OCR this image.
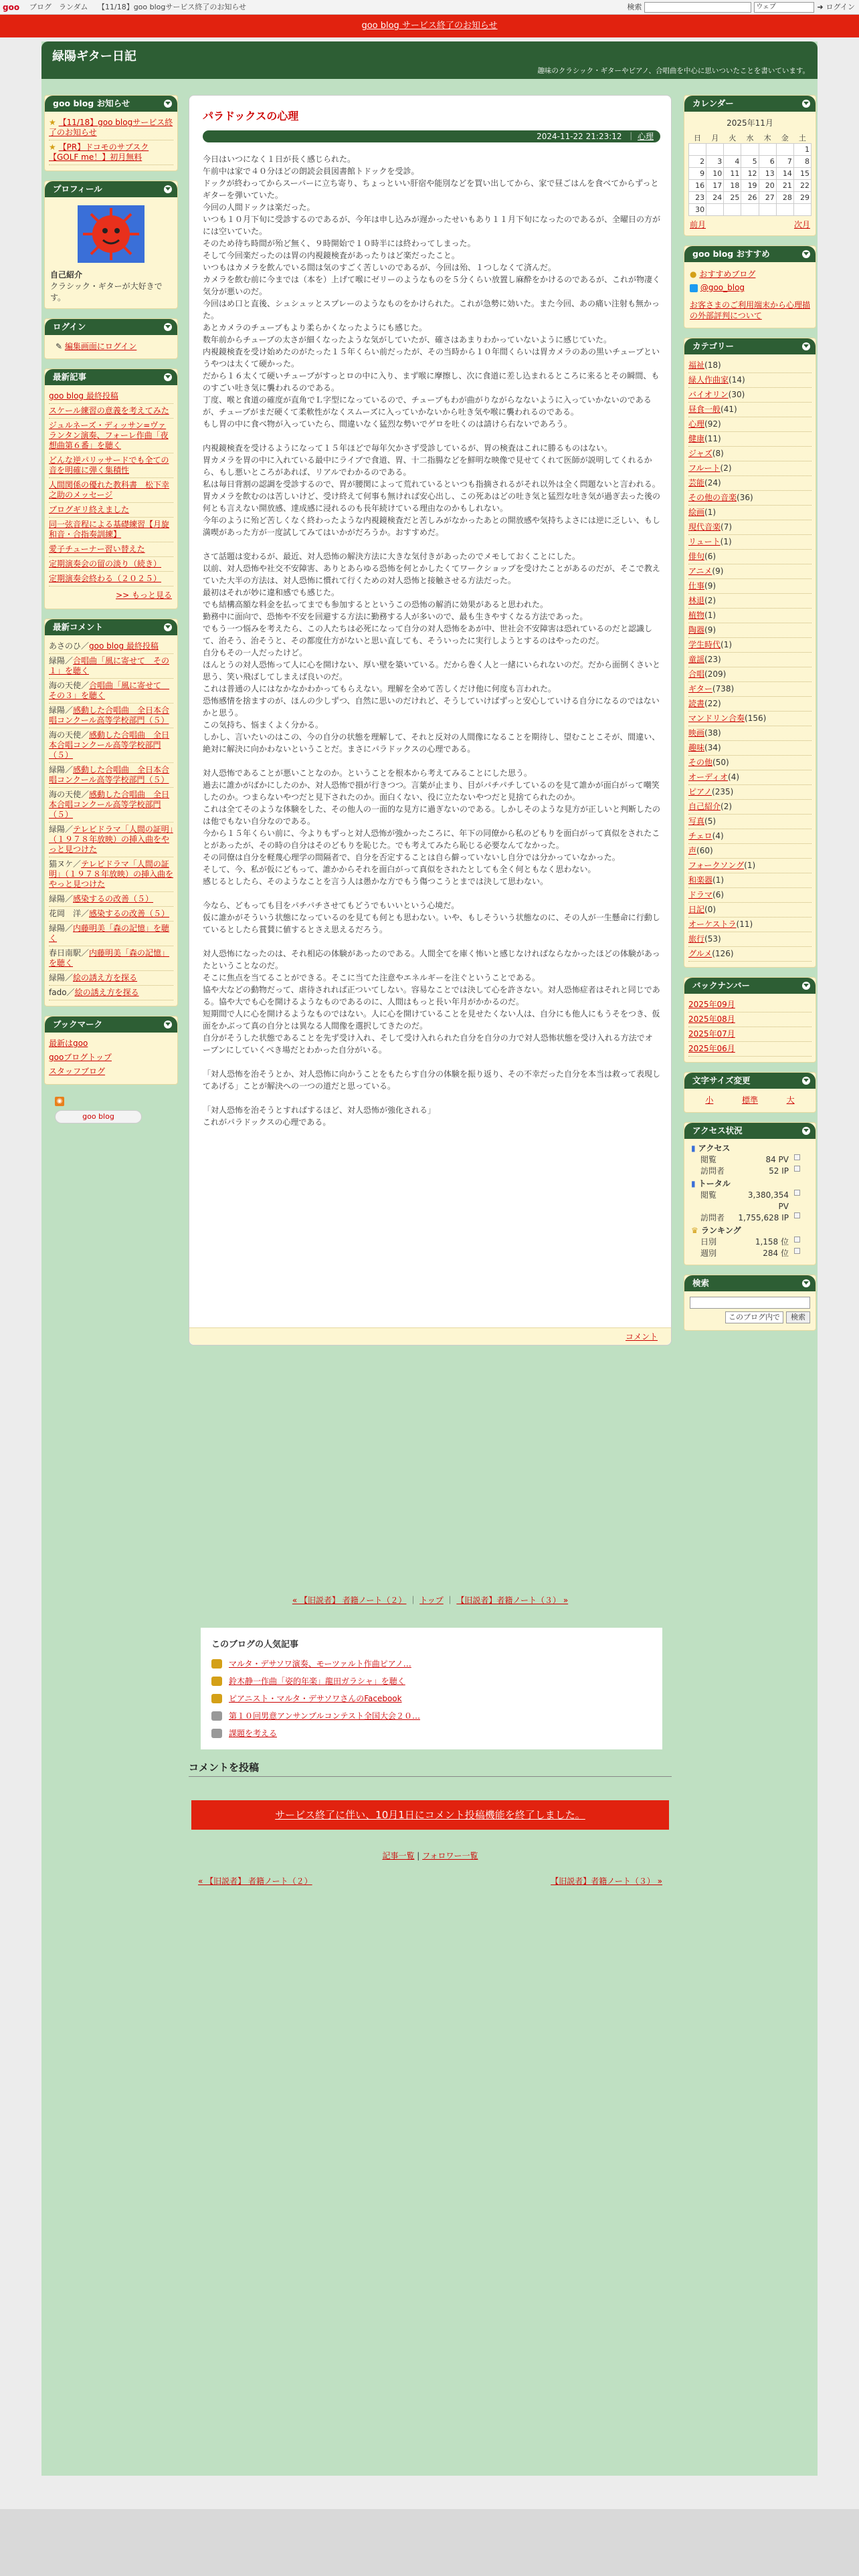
goo ブログ ランダム 【11/18】goo blogサービス終了のお知らせ	検索	ウェブ	➜ ログイン
goo blog サービス終了のお知らせ
緑陽ギター日記
趣味のクラシック・ギターやピアノ、合唱曲を中心に思いついたことを書いています。
goo blog お知らせ
★ 【11/18】goo blogサービス終了のお知らせ
★ 【PR】ドコモのサブスク【GOLF me！】初月無料
プロフィール
自己紹介
クラシック・ギターが大好きです。
ログイン
✎ 編集画面にログイン
最新記事
goo blog 最終投稿
スケール練習の意義を考えてみた
ジュルネーズ・ディッサン=ヴァランタン演奏、フォーレ作曲「夜想曲第６番」を聴く
どんな逆パリッサードでも全ての音を明確に弾く集積性
人間関係の優れた教科書　松下幸之助のメッセージ
ブログギリ終えました
同一弦音程による基礎練習【月旋和音・合指奏訓練】
愛子チューナー習い替えた
定期演奏会の留の淡り（続き）
定期演奏会終わる（２０２５）
>> もっと見る
最新コメント
あさのひ／goo blog 最終投稿
緑陽／合唱曲「風に寄せて　その１」を聴く
海の天使／合唱曲「風に寄せて　その３」を聴く
緑陽／感動した合唱曲　全日本合唱コンクール高等学校部門（５）
海の天使／感動した合唱曲　全日本合唱コンクール高等学校部門（５）
緑陽／感動した合唱曲　全日本合唱コンクール高等学校部門（５）
海の天使／感動した合唱曲　全日本合唱コンクール高等学校部門（５）
緑陽／テレビドラマ「人間の証明」（１９７８年放映）の挿入曲をやっと見つけた
猫ヌケ／テレビドラマ「人間の証明」（１９７８年放映）の挿入曲をやっと見つけた
緑陽／感染するの改善（５）
花岡　洋／感染するの改善（５）
緑陽／内藤明美「森の記憶」を聴く
春日南駅／内藤明美「森の記憶」を聴く
緑陽／絵の誘え方を探る
fado／絵の誘え方を探る
ブックマーク
最新はgoo
gooブログトップ
スタッフブログ
◉
goo blog
パラドックスの心理
2024-11-22 21:23:12  ｜ 心理

今日はいつになく１日が長く感じられた。
午前中は家で４０分ほどの朗読会員図書館トドックを受診。
ドックが終わってからスーパーに立ち寄り、ちょっといい肝宿や能別などを買い出してから、家で昼ごはんを食べてからずっとギターを弾いていた。
今回の人間ドックは楽だった。
いつも１０月下旬に受診するのであるが、今年は申し込みが遅かったせいもあり１１月下旬になったのであるが、全曜日の方がには空いていた。
そのため待ち時間が殆ど無く、９時開始で１０時半には終わってしまった。
そして今回楽だったのは胃の内視鏡検査があったりはど楽だったこと。
いつもはカメラを飲んでいる間は気のすごく苦しいのであるが、今回は殆、１つしなくて済んだ。
カメラを飲む前に今までは（本を）上げて喉にゼリーのようなものを５分くらい放置し麻酔をかけるのであるが、これが物凄く気分が悪いのだ。
今回はめ口と直後、シュシュッとスプレーのようなものをかけられた。これが急勢に効いた。また今回、あの痛い注射も無かった。
あとカメラのチューブもより柔らかくなったようにも感じた。
数年前からチューブの太さが細くなったような気がしていたが、確さはあまりわかっていないように感じていた。
内視鏡検査を受け始めたのがたった１５年くらい前だったが、その当時から１０年間くらいは胃カメラのあの黒いチューブというやつは太くて硬かった。
だから１６太くて硬いチューブがすっとロの中に入り、まず喉に摩擦し、次に食道に差し込まれるところに来るとその瞬間、ものすごい吐き気に襲われるのである。
丁度、喉と食道の確度が直角でＬ字型になっているので、チューブもわが曲がりながらなないように入っていかないのであるが、チューブがまだ硬くて柔軟性がなくスムーズに入っていかないから吐き気や喉に襲われるのである。
もし胃の中に食べ物が入っていたら、間違いなく猛烈な勢いでゲロを吐くのは請けら右ないであろう。

内視鏡検査を受けるようになって１５年ほどで毎年欠かさず受診しているが、胃の検査はこれに勝るものはない。
胃カメラを胃の中に入れている最中にライブで食道、胃、十二指腸などを鮮明な映像で見せてくれて医師が説明してくれるから、もし悪いところがあれば、リアルでわかるのである。
私は毎日背割の認調を受診するので、胃が腰関によって荒れているといつも指摘されるがそれ以外は全く問題ないと言われる。
胃カメラを飲むのは苦しいけど、受け終えて何事も無ければ安心出し、この死あはどの吐き気と猛烈な吐き気が過ぎ去った後の何とも言えない開放感、達成感に浸れるのも長年続けている理由なのかもしれない。
今年のように殆ど苦しくなく終わったような内視鏡検査だと苦しみがなかったあとの開放感や気持ちよさには逆に乏しい、もし満喫があった方が一度試してみてはいかがだろうか。おすすめだ。

さて話題は変わるが、最近、対人恐怖の解決方法に大きな気付きがあったのでメモしておくことにした。
以前、対人恐怖や社交不安障害、ありとあらゆる恐怖を何とかしたくてワークショップを受けたことがあるのだが、そこで教えていた大半の方法は、対人恐怖に慣れて行くための対人恐怖と接触させる方法だった。
最初はそれが妙に違和感でも感じた。
でも結構高額な料金を払ってまでも参加するとというこの恐怖の解消に効果があると思われた。
勤務中に面向で、恐怖や不安を回避する方法に勤務する人が多いので、最も生きやすくなる方法であった。
でもう一つ悩みを考えたら、この人たちは必死になって自分の対人恐怖をあが中、世社会不安障害は恐れているのだと認識して、治そう、治そうと、その都度仕方がないと思い直しても、そういったに実行しようとするのはやったのだ。
自分もその一人だったけど。
ほんとうの対人恐怖って人に心を開けない、厚い壁を築いている。だから巻く人と一緒にいられないのだ。だから面倒くさいと思う、笑い飛ばしてしまえば良いのだ。
これは普通の人にはなかなかわかってもらえない。理解を全めて苦しくだけ他に何度も言われた。
恐怖感情を捨ますのが、ほんの少しずつ、自然に思いのだけれど、そうしていけばずっと安心していける自分になるのではないかと思う。
この気持ち、悩まくよく分かる。
しかし、言いたいのはこの、今の自分の状態を理解して、それと反対の人間像になることを期待し、望むことこそが、間違い、絶対に解決に向かわないということだ。まさにパラドックスの心理である。

対人恐怖であることが悪いことなのか。ということを根本から考えてみることにした思う。
過去に誰かがばかにしたのか、対人恐怖で損が行きつつ。言葉が止まり、目がパチパチしているのを見て誰かが面白がって嘲笑したのか。つまらないやつだと見下されたのか。面白くない、役に立たないやつだと見捨てられたのか。
これは全てそのような体験をした、その他人の一面的な見方に過ぎないのである。しかしそのような見方が正しいと判断したのは他でもない自分なのである。
今から１５年くらい前に、今よりもずっと対人恐怖が強かったころに、年下の同僚から私のどもりを面白がって真似をされたことがあったが、その時の自分はそのどもりを恥じた。でも考えてみたら恥じる必要なんてなかった。
その同僚は自分を軽蔑心理学の間隔者で、自分を否定することは自ら僻っていないし自分では分かっていなかった。
そして、今、私が仮にどもって、誰かからそれを面白がって真似をされたとしても全く何ともなく思わない。
感じるとしたら、そのようなことを言う人は愚かな方でもう傷つこうとまでは決して思わない。

今なら、どもっても目をパチパチさせてもどうでもいいという心境だ。
仮に誰かがそういう状態になっているのを見ても何とも思わない。いや、もしそういう状態なのに、その人が一生懸命に行動しているとしたら賞賛に値するとさえ思えるだろう。

対人恐怖になったのは、それ相応の体験があったのである。人間全てを庫く怖いと感じなければならなかったほどの体験があったということなのだ。
そこに焦点を当てることができる。そこに当てた注意やエネルギーを注ぐということである。
協や大などの動物だって、虐待されれば正ついてしない。容易なことでは決して心を許さない。対人恐怖症者はそれと同じである。協や大でも心を開けるようなものであるのに、人間はもっと長い年月がかかるのだ。
短期間で人に心を開けるようなものではない。人に心を開けていることを見せたくない人は、自分にも他人にもうそをつき、仮面をかぶって真の自分とは異なる人間像を選択してきたのだ。
自分がそうした状態であることを先ず受け入れ、そして受け入れられた自分を自分の力で対人恐怖状態を受け入れる方法でオープンにしていくべき場だとわかった自分がいる。

「対人恐怖を治そうとか、対人恐怖に向かうことをもたらす自分の体験を振り返り、その不幸だった自分を本当は救って表現してあげる」ことが解決への一つの道だと思っている。

「対人恐怖を治そうとすればするほど、対人恐怖が強化される」
これがパラドックスの心理である。

コメント
« 【旧説者】 者籍ノート（２） ｜ トップ ｜ 【旧説者】者籍ノート（３） »
このブログの人気記事
マルタ・デサソワ演奏、モーツァルト作曲ピアノ…
鈴木静一作曲「姿的年楽」龍田ガラシャ」を聴く
ピアニスト・マルタ・デサソワさんのFacebook
第１０回男意アンサンブルコンテスト全国大会２０…
課題を考える
コメントを投稿
サービス終了に伴い、10月1日にコメント投稿機能を終了しました。
記事一覧 | フォロワー一覧
« 【旧説者】 者籍ノート（２）	【旧説者】者籍ノート（３） »
カレンダー
2025年11月
日	月	火	水	木	金	土
						1
2	3	4	5	6	7	8
9	10	11	12	13	14	15
16	17	18	19	20	21	22
23	24	25	26	27	28	29
30						
前月	次月
goo blog おすすめ
● おすすめブログ
@goo_blog
お客さまのご利用端末から心理描の外部評判について
カテゴリー
福祉(18)
緑人作曲家(14)
バイオリン(30)
昼食一般(41)
心理(92)
健康(11)
ジャズ(8)
フルート(2)
芸能(24)
その他の音楽(36)
絵画(1)
現代音楽(7)
リュート(1)
俳句(6)
アニメ(9)
仕事(9)
林退(2)
植物(1)
陶器(9)
学生時代(1)
童謡(23)
合唱(209)
ギター(738)
読書(22)
マンドリン合奏(156)
映画(38)
趣味(34)
その他(50)
オーディオ(4)
ピアノ(235)
自己紹介(2)
写真(5)
チェロ(4)
声(60)
フォークソング(1)
和楽器(1)
ドラマ(6)
日記(0)
オーケストラ(11)
旅行(53)
グルメ(126)
バックナンバー
2025年09月
2025年08月
2025年07月
2025年06月
文字サイズ変更
小	標準	大
アクセス状況
▮ アクセス
閲覧	84 PV
訪問者	52 IP
▮ トータル
閲覧	3,380,354 PV
訪問者	1,755,628 IP
♛ ランキング
日別	1,158 位
週別	284 位
検索
このブログ内で	検索
